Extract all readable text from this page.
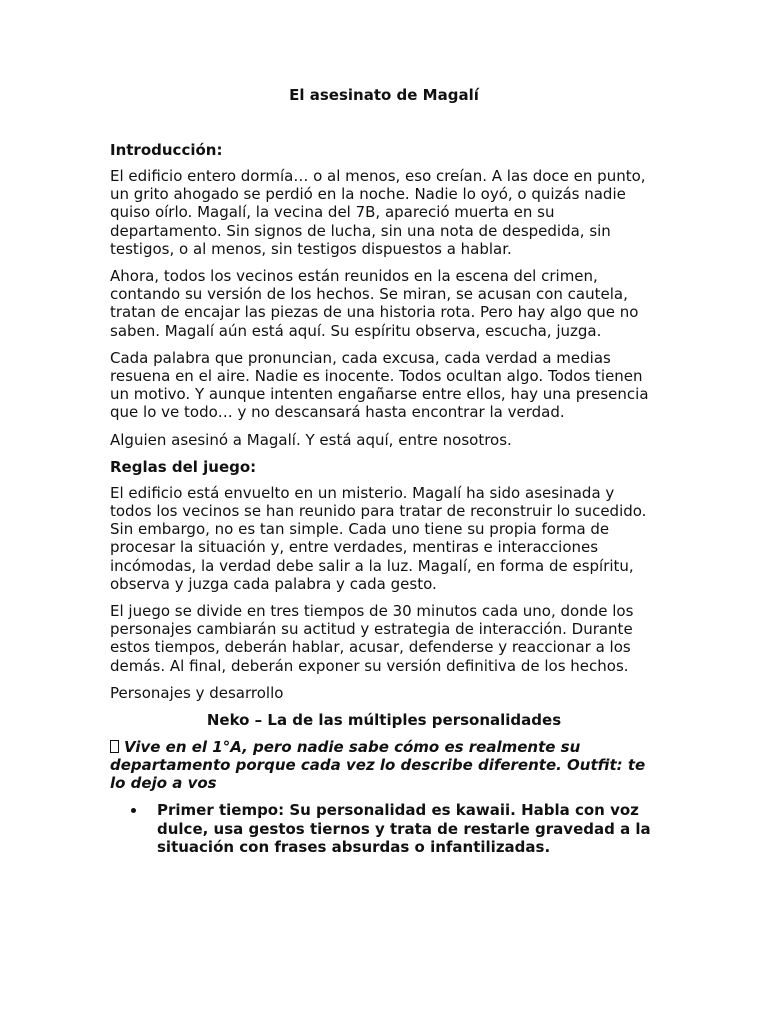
El asesinato de Magalí

Introducción:

El edificio entero dormía… o al menos, eso creían. A las doce en punto, un grito ahogado se perdió en la noche. Nadie lo oyó, o quizás nadie quiso oírlo. Magalí, la vecina del 7B, apareció muerta en su departamento. Sin signos de lucha, sin una nota de despedida, sin testigos, o al menos, sin testigos dispuestos a hablar.

Ahora, todos los vecinos están reunidos en la escena del crimen, contando su versión de los hechos. Se miran, se acusan con cautela, tratan de encajar las piezas de una historia rota. Pero hay algo que no saben. Magalí aún está aquí. Su espíritu observa, escucha, juzga.

Cada palabra que pronuncian, cada excusa, cada verdad a medias resuena en el aire. Nadie es inocente. Todos ocultan algo. Todos tienen un motivo. Y aunque intenten engañarse entre ellos, hay una presencia que lo ve todo… y no descansará hasta encontrar la verdad.

Alguien asesinó a Magalí. Y está aquí, entre nosotros.

Reglas del juego:

El edificio está envuelto en un misterio. Magalí ha sido asesinada y todos los vecinos se han reunido para tratar de reconstruir lo sucedido. Sin embargo, no es tan simple. Cada uno tiene su propia forma de procesar la situación y, entre verdades, mentiras e interacciones incómodas, la verdad debe salir a la luz. Magalí, en forma de espíritu, observa y juzga cada palabra y cada gesto.

El juego se divide en tres tiempos de 30 minutos cada uno, donde los personajes cambiarán su actitud y estrategia de interacción. Durante estos tiempos, deberán hablar, acusar, defenderse y reaccionar a los demás. Al final, deberán exponer su versión definitiva de los hechos.

Personajes y desarrollo

Neko – La de las múltiples personalidades

Vive en el 1°A, pero nadie sabe cómo es realmente su departamento porque cada vez lo describe diferente. Outfit: te lo dejo a vos

Primer tiempo: Su personalidad es kawaii. Habla con voz dulce, usa gestos tiernos y trata de restarle gravedad a la situación con frases absurdas o infantilizadas.
